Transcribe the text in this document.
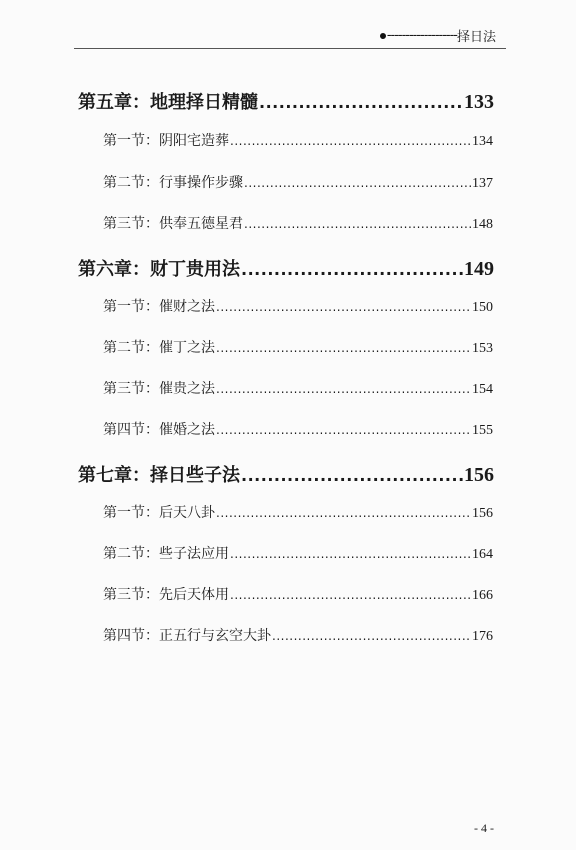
------------------- 择日法
第五章：地理择日精髓 .....	133
第一节：阴阳宅造葬 .....	134
第二节：行事操作步骤 .....	137
第三节：供奉五德星君 .....	148
第六章：财丁贵用法 .....	149
第一节：催财之法 .....	150
第二节：催丁之法 .....	153
第三节：催贵之法 .....	154
第四节：催婚之法 .....	155
第七章：择日些子法 .....	156
第一节：后天八卦 .....	156
第二节：些子法应用 .....	164
第三节：先后天体用 .....	166
第四节：正五行与玄空大卦 .....	176
- 4 -
